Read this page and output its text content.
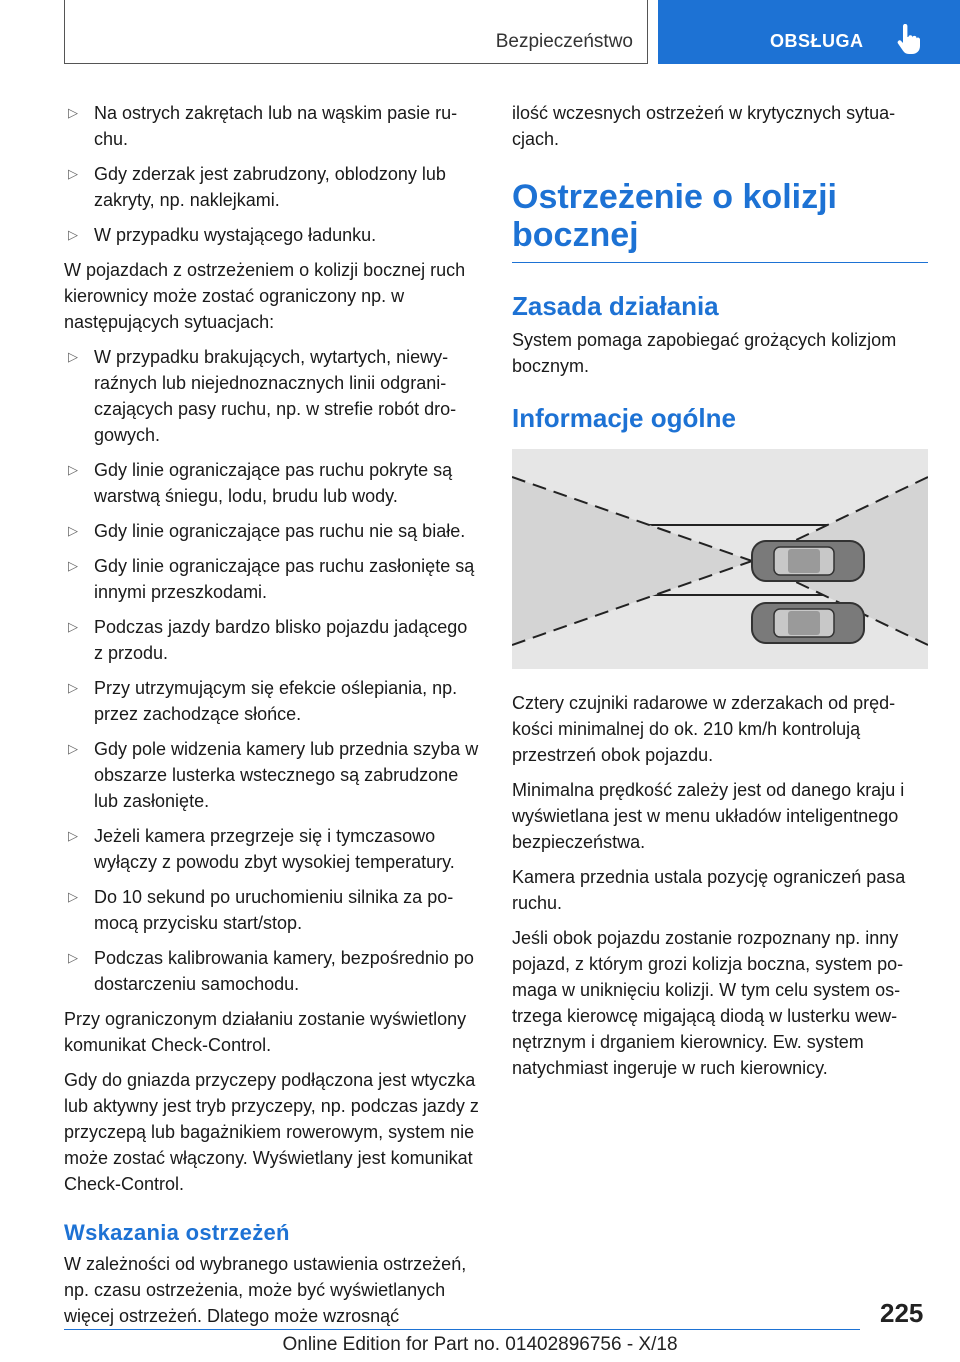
Bezpieczeństwo	OBSŁUGA
▷ Na ostrych zakrętach lub na wąskim pasie ruchu.
▷ Gdy zderzak jest zabrudzony, oblodzony lub zakryty, np. naklejkami.
▷ W przypadku wystającego ładunku.
W pojazdach z ostrzeżeniem o kolizji bocznej ruch kierownicy może zostać ograniczony np. w następujących sytuacjach:
▷ W przypadku brakujących, wytartych, niewyraźnych lub niejednoznacznych linii odgraniczających pasy ruchu, np. w strefie robót drogowych.
▷ Gdy linie ograniczające pas ruchu pokryte są warstwą śniegu, lodu, brudu lub wody.
▷ Gdy linie ograniczające pas ruchu nie są białe.
▷ Gdy linie ograniczające pas ruchu zasłonięte są innymi przeszkodami.
▷ Podczas jazdy bardzo blisko pojazdu jadącego z przodu.
▷ Przy utrzymującym się efekcie oślepiania, np. przez zachodzące słońce.
▷ Gdy pole widzenia kamery lub przednia szyba w obszarze lusterka wstecznego są zabrudzone lub zasłonięte.
▷ Jeżeli kamera przegrzeje się i tymczasowo wyłączy z powodu zbyt wysokiej temperatury.
▷ Do 10 sekund po uruchomieniu silnika za pomocą przycisku start/stop.
▷ Podczas kalibrowania kamery, bezpośrednio po dostarczeniu samochodu.
Przy ograniczonym działaniu zostanie wyświetlony komunikat Check-Control.
Gdy do gniazda przyczepy podłączona jest wtyczka lub aktywny jest tryb przyczepy, np. podczas jazdy z przyczepą lub bagażnikiem rowerowym, system nie może zostać włączony. Wyświetlany jest komunikat Check-Control.
Wskazania ostrzeżeń
W zależności od wybranego ustawienia ostrzeżeń, np. czasu ostrzeżenia, może być wyświetlanych więcej ostrzeżeń. Dlatego może wzrosnąć
ilość wczesnych ostrzeżeń w krytycznych sytuacjach.
Ostrzeżenie o kolizji bocznej
Zasada działania
System pomaga zapobiegać grożących kolizjom bocznym.
Informacje ogólne
Cztery czujniki radarowe w zderzakach od prędkości minimalnej do ok. 210 km/h kontrolują przestrzeń obok pojazdu.
Minimalna prędkość zależy jest od danego kraju i wyświetlana jest w menu układów inteligentnego bezpieczeństwa.
Kamera przednia ustala pozycję ograniczeń pasa ruchu.
Jeśli obok pojazdu zostanie rozpoznany np. inny pojazd, z którym grozi kolizja boczna, system pomaga w uniknięciu kolizji. W tym celu system ostrzega kierowcę migającą diodą w lusterku wewnętrznym i drganiem kierownicy. Ew. system natychmiast ingeruje w ruch kierownicy.
225
Online Edition for Part no. 01402896756 - X/18
